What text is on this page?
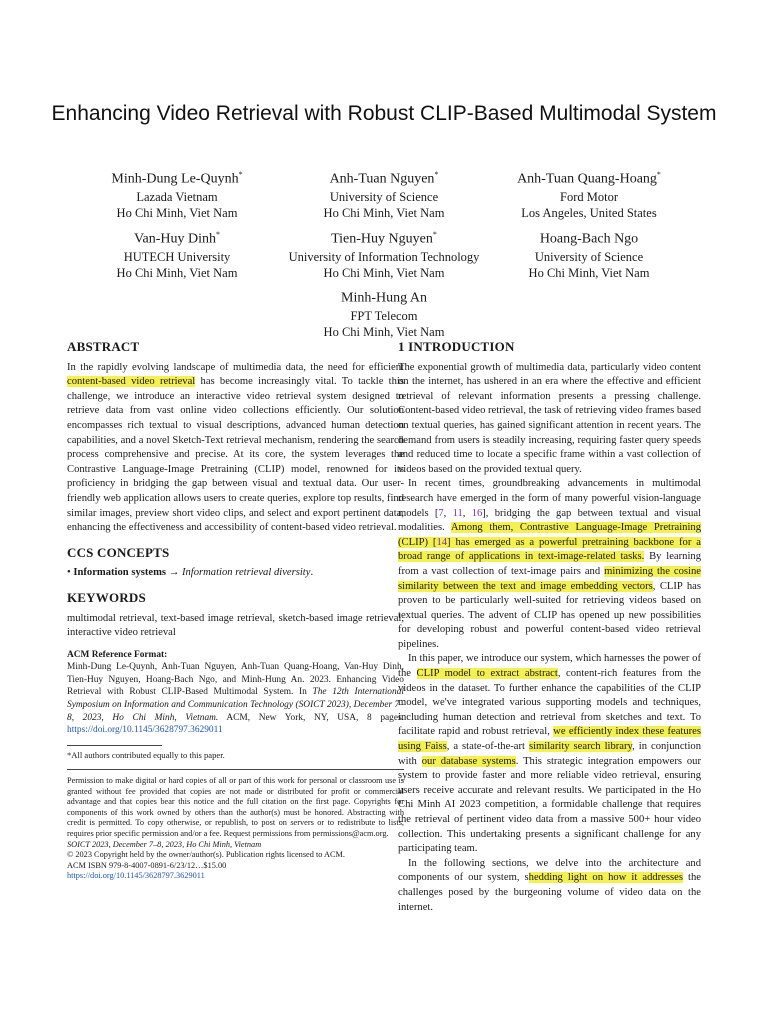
Enhancing Video Retrieval with Robust CLIP-Based Multimodal System
Minh-Dung Le-Quynh*
Lazada Vietnam
Ho Chi Minh, Viet Nam
Anh-Tuan Nguyen*
University of Science
Ho Chi Minh, Viet Nam
Anh-Tuan Quang-Hoang*
Ford Motor
Los Angeles, United States
Van-Huy Dinh*
HUTECH University
Ho Chi Minh, Viet Nam
Tien-Huy Nguyen*
University of Information Technology
Ho Chi Minh, Viet Nam
Hoang-Bach Ngo
University of Science
Ho Chi Minh, Viet Nam
Minh-Hung An
FPT Telecom
Ho Chi Minh, Viet Nam
ABSTRACT

In the rapidly evolving landscape of multimedia data, the need for efficient content-based video retrieval has become increasingly vital. To tackle this challenge, we introduce an interactive video retrieval system designed to retrieve data from vast online video collections efficiently. Our solution encompasses rich textual to visual descriptions, advanced human detection capabilities, and a novel Sketch-Text retrieval mechanism, rendering the search process comprehensive and precise. At its core, the system leverages the Contrastive Language-Image Pretraining (CLIP) model, renowned for its proficiency in bridging the gap between visual and textual data. Our user-friendly web application allows users to create queries, explore top results, find similar images, preview short video clips, and select and export pertinent data, enhancing the effectiveness and accessibility of content-based video retrieval.

CCS CONCEPTS

• Information systems → Information retrieval diversity.

KEYWORDS

multimodal retrieval, text-based image retrieval, sketch-based image retrieval, interactive video retrieval

ACM Reference Format:

Minh-Dung Le-Quynh, Anh-Tuan Nguyen, Anh-Tuan Quang-Hoang, Van-Huy Dinh, Tien-Huy Nguyen, Hoang-Bach Ngo, and Minh-Hung An. 2023. Enhancing Video Retrieval with Robust CLIP-Based Multimodal System. In The 12th International Symposium on Information and Communication Technology (SOICT 2023), December 7–8, 2023, Ho Chi Minh, Vietnam. ACM, New York, NY, USA, 8 pages. https://doi.org/10.1145/3628797.3629011

*All authors contributed equally to this paper.

Permission to make digital or hard copies of all or part of this work for personal or classroom use is granted without fee provided that copies are not made or distributed for profit or commercial advantage and that copies bear this notice and the full citation on the first page. Copyrights for components of this work owned by others than the author(s) must be honored. Abstracting with credit is permitted. To copy otherwise, or republish, to post on servers or to redistribute to lists, requires prior specific permission and/or a fee. Request permissions from permissions@acm.org.

SOICT 2023, December 7–8, 2023, Ho Chi Minh, Vietnam
© 2023 Copyright held by the owner/author(s). Publication rights licensed to ACM.
ACM ISBN 979-8-4007-0891-6/23/12…$15.00
https://doi.org/10.1145/3628797.3629011
1 INTRODUCTION

The exponential growth of multimedia data, particularly video content on the internet, has ushered in an era where the effective and efficient retrieval of relevant information presents a pressing challenge. Content-based video retrieval, the task of retrieving video frames based on textual queries, has gained significant attention in recent years. The demand from users is steadily increasing, requiring faster query speeds and reduced time to locate a specific frame within a vast collection of videos based on the provided textual query.

In recent times, groundbreaking advancements in multimodal research have emerged in the form of many powerful vision-language models [7, 11, 16], bridging the gap between textual and visual modalities. Among them, Contrastive Language-Image Pretraining (CLIP) [14] has emerged as a powerful pretraining backbone for a broad range of applications in text-image-related tasks. By learning from a vast collection of text-image pairs and minimizing the cosine similarity between the text and image embedding vectors, CLIP has proven to be particularly well-suited for retrieving videos based on textual queries. The advent of CLIP has opened up new possibilities for developing robust and powerful content-based video retrieval pipelines.

In this paper, we introduce our system, which harnesses the power of the CLIP model to extract abstract, content-rich features from the videos in the dataset. To further enhance the capabilities of the CLIP model, we've integrated various supporting models and techniques, including human detection and retrieval from sketches and text. To facilitate rapid and robust retrieval, we efficiently index these features using Faiss, a state-of-the-art similarity search library, in conjunction with our database systems. This strategic integration empowers our system to provide faster and more reliable video retrieval, ensuring users receive accurate and relevant results. We participated in the Ho Chi Minh AI 2023 competition, a formidable challenge that requires the retrieval of pertinent video data from a massive 500+ hour video collection. This undertaking presents a significant challenge for any participating team.

In the following sections, we delve into the architecture and components of our system, shedding light on how it addresses the challenges posed by the burgeoning volume of video data on the internet.
